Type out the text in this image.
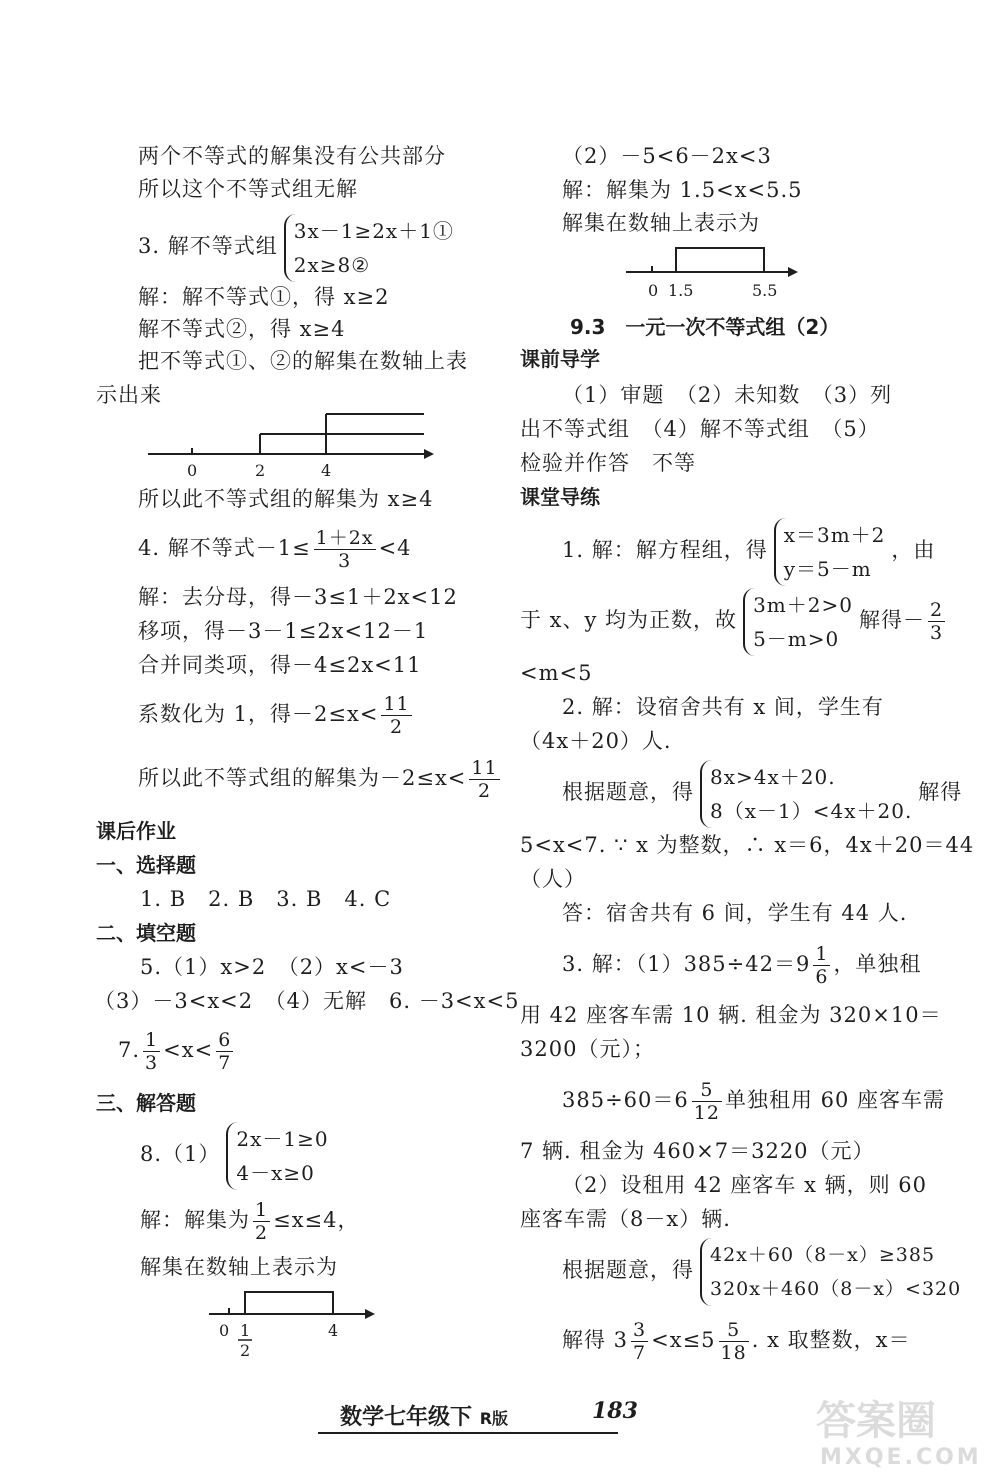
两个不等式的解集没有公共部分
所以这个不等式组无解
3. 解不等式组
3x－1≥2x＋1①
2x≥8②
解：解不等式①，得 x≥2
解不等式②，得 x≥4
把不等式①、②的解集在数轴上表
示出来
0	2	4
所以此不等式组的解集为 x≥4
4. 解不等式$-1\le \frac{1+2x}{3} <4$
解：去分母，得－3≤1＋2x<12
移项，得－3－1≤2x<12－1
合并同类项，得－4≤2x<11
系数化为 1，得$-2\le x< \frac{11}{2}$
所以此不等式组的解集为$-2\le x< \frac{11}{2}$
课后作业
一、选择题
1. B　2. B　3. B　4. C
二、填空题
5.（1）x>2　（2）x<－3
（3）－3<x<2　（4）无解　6. －3<x<5
7. $\frac{1}{3} <x< \frac{6}{7}$
三、解答题
8.（1）
2x－1≥0
4－x≥0
解：解集为 $\frac{1}{2} \le x\le 4$，
解集在数轴上表示为
0 1
2
4
（2）－5<6－2x<3
解：解集为 1.5<x<5.5
解集在数轴上表示为
0 1.5	5.5
9.3　一元一次不等式组（2）
课前导学
（1）审题　（2）未知数　（3）列
出不等式组　（4）解不等式组　（5）
检验并作答　不等
课堂导练
1. 解：解方程组，得
x＝3m＋2
y＝5－m
，由
于 x、y 均为正数，故
3m＋2>0
5－m>0
解得－ $\frac{2}{3}$
<m<5
2. 解：设宿舍共有 x 间，学生有
（4x＋20）人.
根据题意，得
8x>4x＋20.
8（x－1）<4x＋20.
解得
5<x<7. ∵ x 为整数，∴ x＝6，4x＋20＝44
（人）
答：宿舍共有 6 间，学生有 44 人.
3. 解：$(1)385\div 42=9 \frac{1}{6}$ ，单独租
用 42 座客车需 10 辆. 租金为 320×10＝
3200（元）；
$385\div 60=6 \frac{5}{12}$ 单独租用 60 座客车需
7 辆. 租金为 460×7＝3220（元）
（2）设租用 42 座客车 x 辆，则 60
座客车需（8－x）辆.
根据题意，得
42x＋60（8－x）≥385
320x＋460（8－x）<320
解得 $3 \frac{3}{7} <x\le 5 \frac{5}{18}$ . x 取整数，x＝
数学七年级下 R版	183	答案圈
MXQE.COM
